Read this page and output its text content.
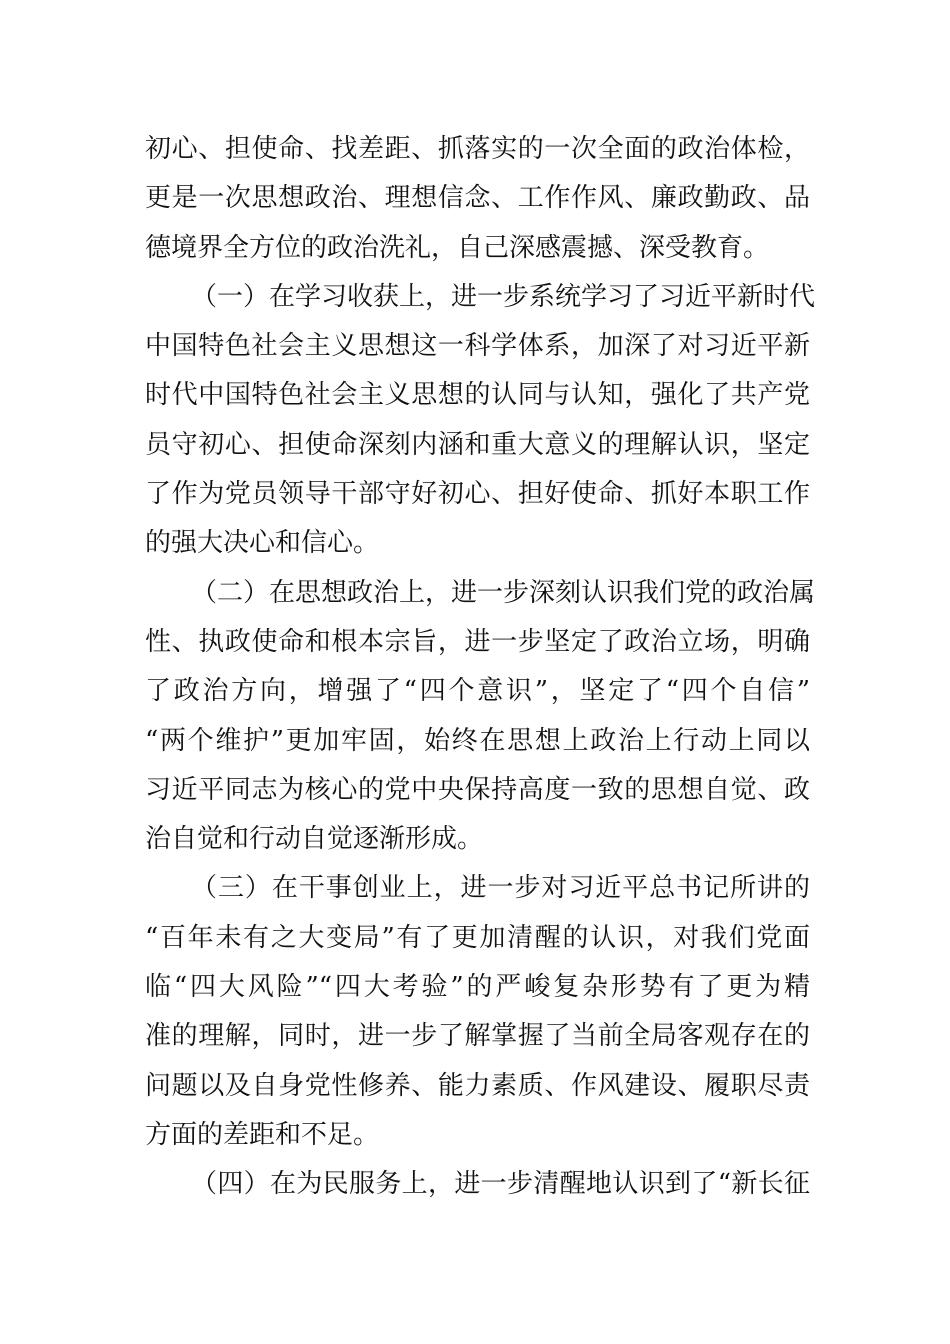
初心、担使命、找差距、抓落实的一次全面的政治体检，
更是一次思想政治、理想信念、工作作风、廉政勤政、品
德境界全方位的政治洗礼，自己深感震撼、深受教育。
（一）在学习收获上，进一步系统学习了习近平新时代
中国特色社会主义思想这一科学体系，加深了对习近平新
时代中国特色社会主义思想的认同与认知，强化了共产党
员守初心、担使命深刻内涵和重大意义的理解认识，坚定
了作为党员领导干部守好初心、担好使命、抓好本职工作
的强大决心和信心。
（二）在思想政治上，进一步深刻认识我们党的政治属
性、执政使命和根本宗旨，进一步坚定了政治立场，明确
了政治方向，增强了“四个意识”，坚定了“四个自信”
“两个维护”更加牢固，始终在思想上政治上行动上同以
习近平同志为核心的党中央保持高度一致的思想自觉、政
治自觉和行动自觉逐渐形成。
（三）在干事创业上，进一步对习近平总书记所讲的
“百年未有之大变局”有了更加清醒的认识，对我们党面
临“四大风险”“四大考验”的严峻复杂形势有了更为精
准的理解，同时，进一步了解掌握了当前全局客观存在的
问题以及自身党性修养、能力素质、作风建设、履职尽责
方面的差距和不足。
（四）在为民服务上，进一步清醒地认识到了“新长征
